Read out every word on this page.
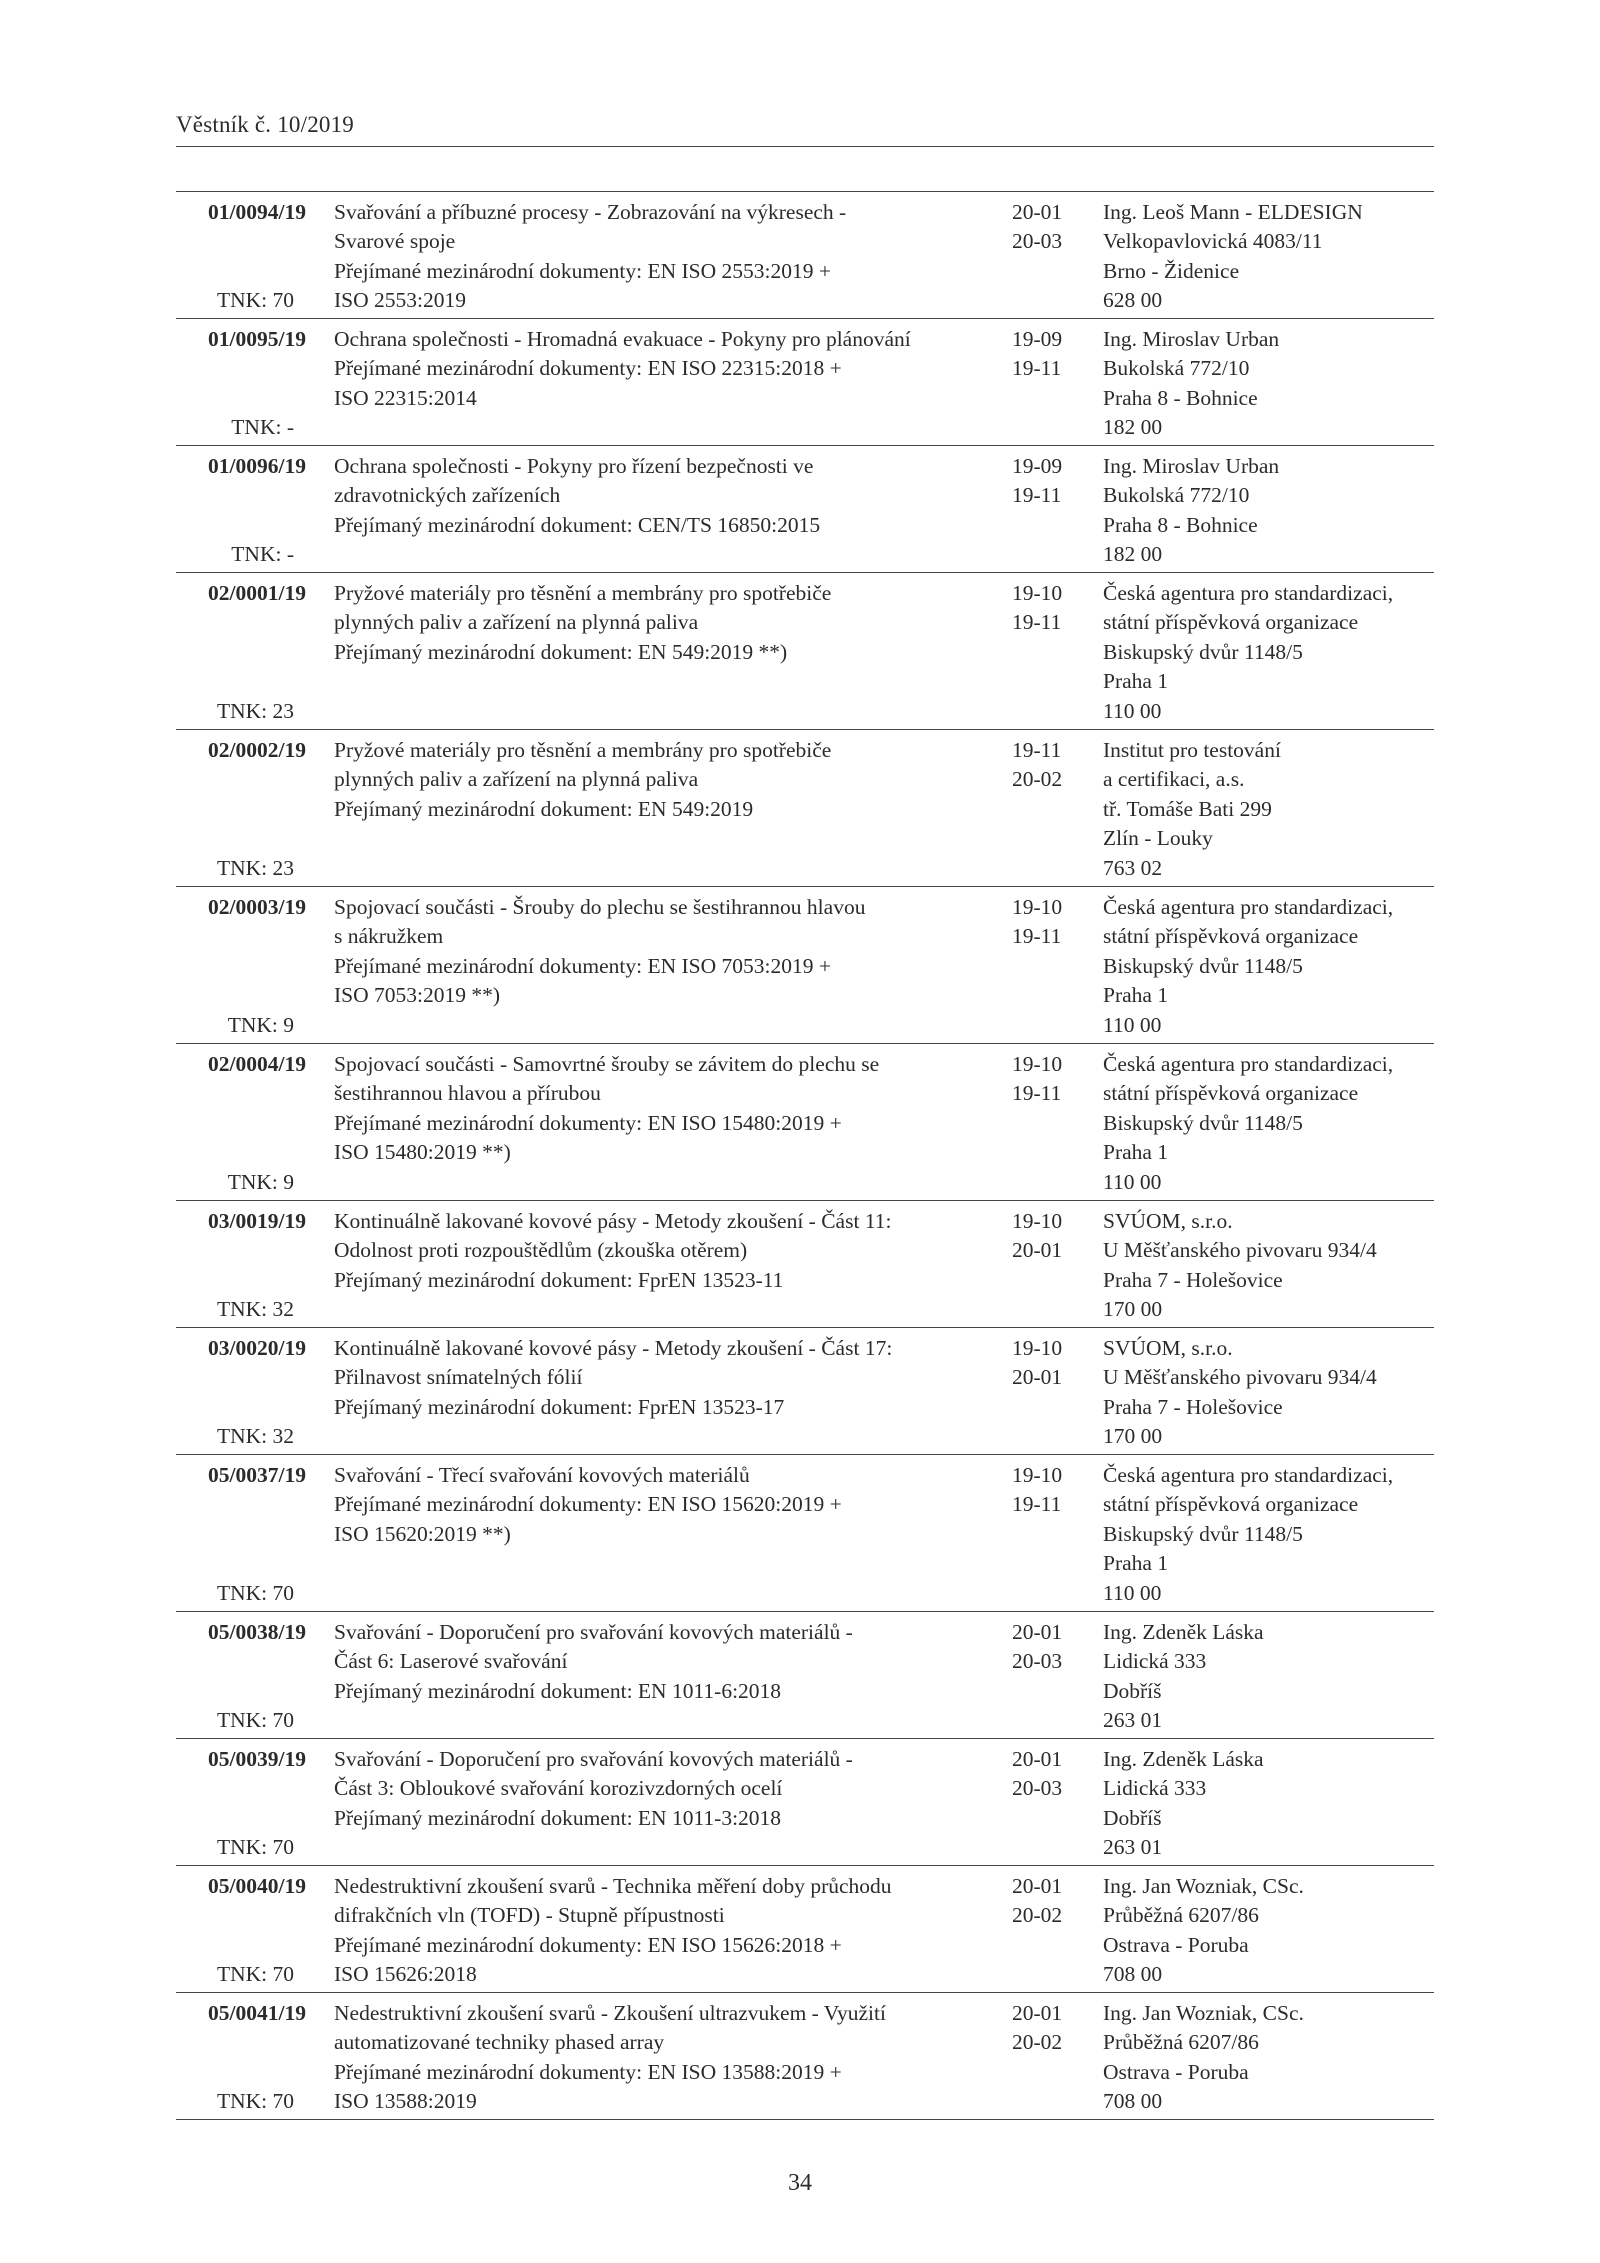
Věstník č. 10/2019
01/0094/19
TNK: 70
Svařování a příbuzné procesy - Zobrazování na výkresech -
Svarové spoje
Přejímané mezinárodní dokumenty: EN ISO 2553:2019 +
ISO 2553:2019
20-01
20-03
Ing. Leoš Mann - ELDESIGN
Velkopavlovická 4083/11
Brno - Židenice
628 00
01/0095/19
TNK: -
Ochrana společnosti - Hromadná evakuace - Pokyny pro plánování
Přejímané mezinárodní dokumenty: EN ISO 22315:2018 +
ISO 22315:2014
19-09
19-11
Ing. Miroslav Urban
Bukolská 772/10
Praha 8 - Bohnice
182 00
01/0096/19
TNK: -
Ochrana společnosti - Pokyny pro řízení bezpečnosti ve
zdravotnických zařízeních
Přejímaný mezinárodní dokument: CEN/TS 16850:2015
19-09
19-11
Ing. Miroslav Urban
Bukolská 772/10
Praha 8 - Bohnice
182 00
02/0001/19
TNK: 23
Pryžové materiály pro těsnění a membrány pro spotřebiče
plynných paliv a zařízení na plynná paliva
Přejímaný mezinárodní dokument: EN 549:2019 **)
19-10
19-11
Česká agentura pro standardizaci,
státní příspěvková organizace
Biskupský dvůr 1148/5
Praha 1
110 00
02/0002/19
TNK: 23
Pryžové materiály pro těsnění a membrány pro spotřebiče
plynných paliv a zařízení na plynná paliva
Přejímaný mezinárodní dokument: EN 549:2019
19-11
20-02
Institut pro testování
a certifikaci, a.s.
tř. Tomáše Bati 299
Zlín - Louky
763 02
02/0003/19
TNK: 9
Spojovací součásti - Šrouby do plechu se šestihrannou hlavou
s nákružkem
Přejímané mezinárodní dokumenty: EN ISO 7053:2019 +
ISO 7053:2019 **)
19-10
19-11
Česká agentura pro standardizaci,
státní příspěvková organizace
Biskupský dvůr 1148/5
Praha 1
110 00
02/0004/19
TNK: 9
Spojovací součásti - Samovrtné šrouby se závitem do plechu se
šestihrannou hlavou a přírubou
Přejímané mezinárodní dokumenty: EN ISO 15480:2019 +
ISO 15480:2019 **)
19-10
19-11
Česká agentura pro standardizaci,
státní příspěvková organizace
Biskupský dvůr 1148/5
Praha 1
110 00
03/0019/19
TNK: 32
Kontinuálně lakované kovové pásy - Metody zkoušení - Část 11:
Odolnost proti rozpouštědlům (zkouška otěrem)
Přejímaný mezinárodní dokument: FprEN 13523-11
19-10
20-01
SVÚOM, s.r.o.
U Měšťanského pivovaru 934/4
Praha 7 - Holešovice
170 00
03/0020/19
TNK: 32
Kontinuálně lakované kovové pásy - Metody zkoušení - Část 17:
Přilnavost snímatelných fólií
Přejímaný mezinárodní dokument: FprEN 13523-17
19-10
20-01
SVÚOM, s.r.o.
U Měšťanského pivovaru 934/4
Praha 7 - Holešovice
170 00
05/0037/19
TNK: 70
Svařování - Třecí svařování kovových materiálů
Přejímané mezinárodní dokumenty: EN ISO 15620:2019 +
ISO 15620:2019 **)
19-10
19-11
Česká agentura pro standardizaci,
státní příspěvková organizace
Biskupský dvůr 1148/5
Praha 1
110 00
05/0038/19
TNK: 70
Svařování - Doporučení pro svařování kovových materiálů -
Část 6: Laserové svařování
Přejímaný mezinárodní dokument: EN 1011-6:2018
20-01
20-03
Ing. Zdeněk Láska
Lidická 333
Dobříš
263 01
05/0039/19
TNK: 70
Svařování - Doporučení pro svařování kovových materiálů -
Část 3: Obloukové svařování korozivzdorných ocelí
Přejímaný mezinárodní dokument: EN 1011-3:2018
20-01
20-03
Ing. Zdeněk Láska
Lidická 333
Dobříš
263 01
05/0040/19
TNK: 70
Nedestruktivní zkoušení svarů - Technika měření doby průchodu
difrakčních vln (TOFD) - Stupně přípustnosti
Přejímané mezinárodní dokumenty: EN ISO 15626:2018 +
ISO 15626:2018
20-01
20-02
Ing. Jan Wozniak, CSc.
Průběžná 6207/86
Ostrava - Poruba
708 00
05/0041/19
TNK: 70
Nedestruktivní zkoušení svarů - Zkoušení ultrazvukem - Využití
automatizované techniky phased array
Přejímané mezinárodní dokumenty: EN ISO 13588:2019 +
ISO 13588:2019
20-01
20-02
Ing. Jan Wozniak, CSc.
Průběžná 6207/86
Ostrava - Poruba
708 00
34
